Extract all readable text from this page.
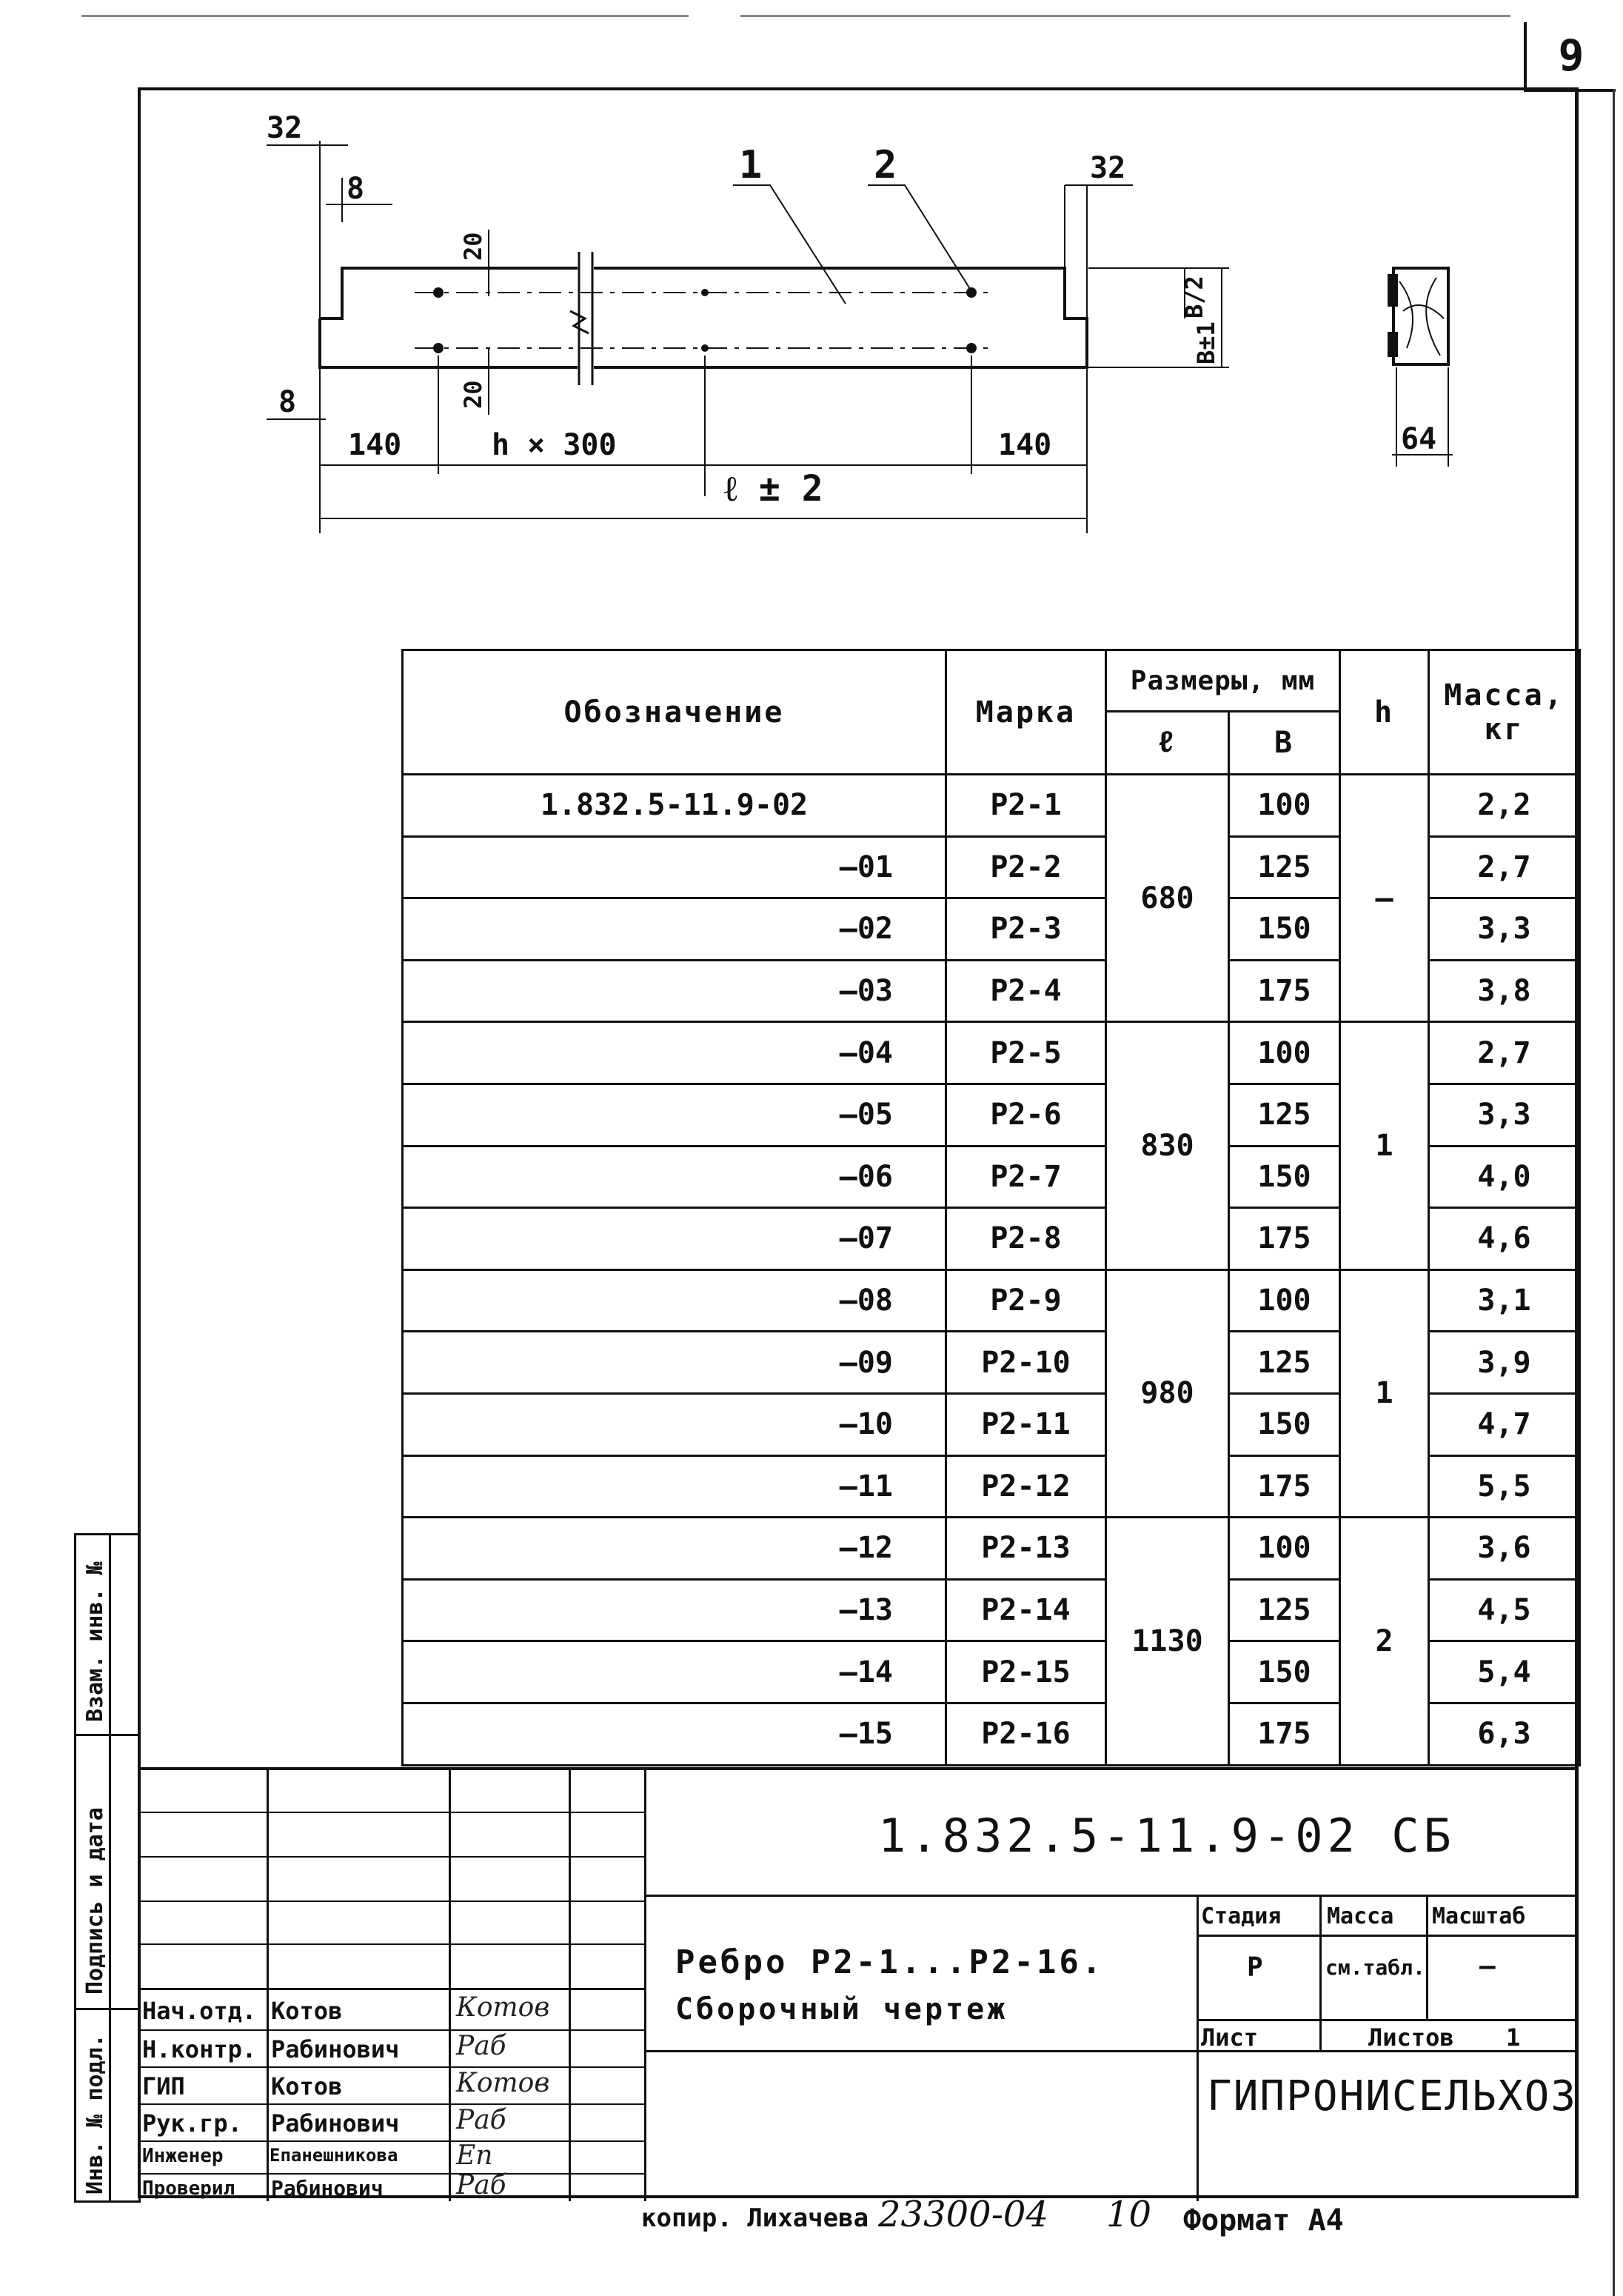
9
32
8
32
8
140	h × 300	140
ℓ ± 2
64
1	2
20
20
B/2
B±1
Обозначение	Марка	Размеры, мм		h	Масса,
кг

		ℓ	В		
1.832.5-11.9-02	Р2-1	680	100	—	2,2
—01	Р2-2		125		2,7
—02	Р2-3		150		3,3
—03	Р2-4		175		3,8
—04	Р2-5	830	100	1	2,7
—05	Р2-6		125		3,3
—06	Р2-7		150		4,0
—07	Р2-8		175		4,6
—08	Р2-9	980	100	1	3,1
—09	Р2-10		125		3,9
—10	Р2-11		150		4,7
—11	Р2-12		175		5,5
—12	Р2-13	1130	100	2	3,6
—13	Р2-14		125		4,5
—14	Р2-15		150		5,4
—15	Р2-16		175		6,3
Взам. инв. №
Подпись и дата
Инв. № подл.
1.832.5-11.9-02 СБ
Ребро Р2-1...Р2-16.
Сборочный чертеж
Стадия Масса Масштаб
Р	см.табл. —
Лист	Листов 1
ГИПРОНИСЕЛЬХОЗ
Нач.отд. Котов	Котов
Н.контр. Рабинович Раб
ГИП	Котов	Котов
Рук.гр. Рабинович Раб
Инженер	Епанешникова Еп
Проверил Рабинович	Раб
копир. Лихачева 23300-04 10 Формат А4
